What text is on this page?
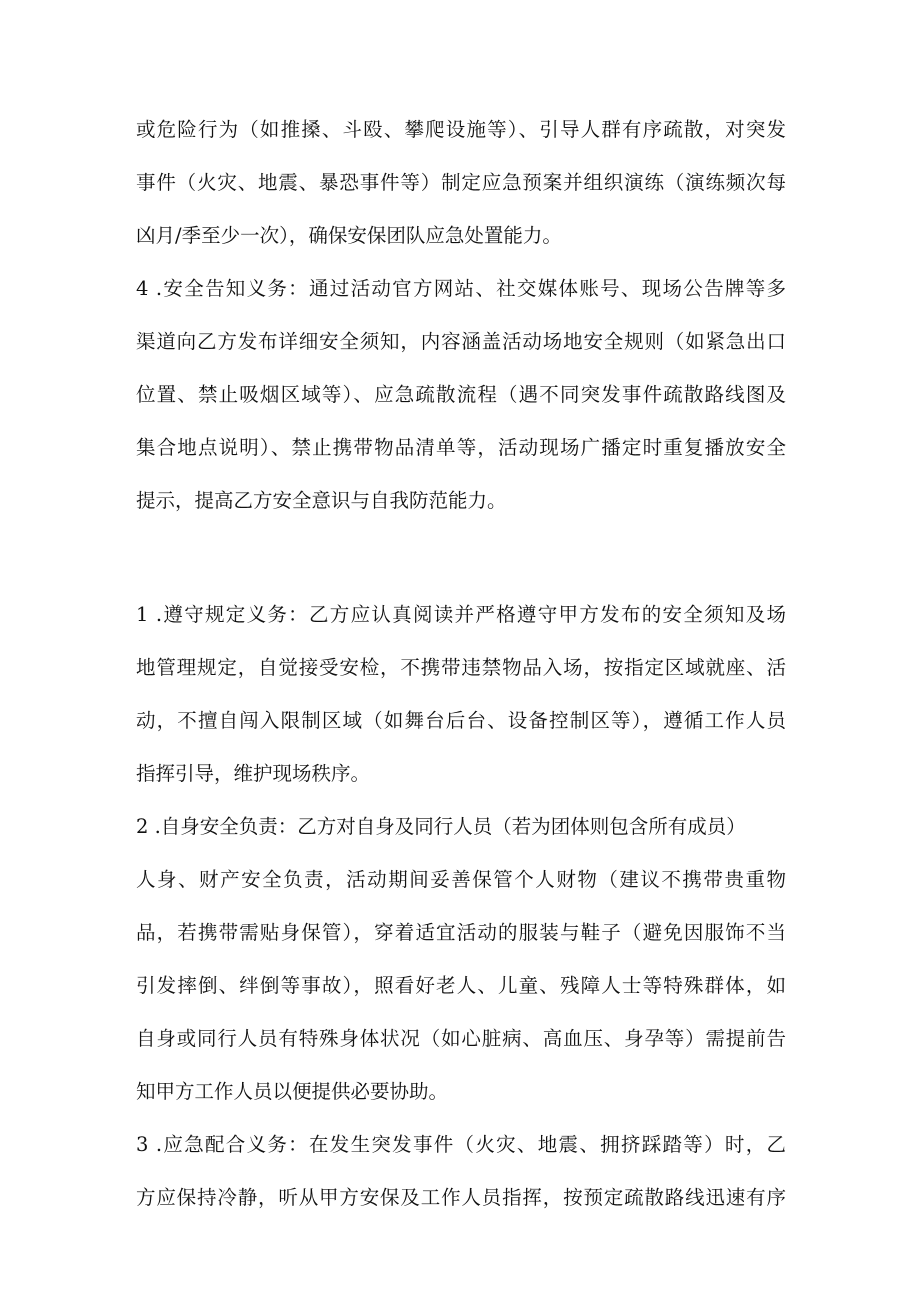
或危险行为（如推搡、斗殴、攀爬设施等）、引导人群有序疏散，对突发
事件（火灾、地震、暴恐事件等）制定应急预案并组织演练（演练频次每
凶月/季至少一次），确保安保团队应急处置能力。
4 .安全告知义务：通过活动官方网站、社交媒体账号、现场公告牌等多
渠道向乙方发布详细安全须知，内容涵盖活动场地安全规则（如紧急出口
位置、禁止吸烟区域等）、应急疏散流程（遇不同突发事件疏散路线图及
集合地点说明）、禁止携带物品清单等，活动现场广播定时重复播放安全
提示，提高乙方安全意识与自我防范能力。
1 .遵守规定义务：乙方应认真阅读并严格遵守甲方发布的安全须知及场
地管理规定，自觉接受安检，不携带违禁物品入场，按指定区域就座、活
动，不擅自闯入限制区域（如舞台后台、设备控制区等），遵循工作人员
指挥引导，维护现场秩序。
2 .自身安全负责：乙方对自身及同行人员（若为团体则包含所有成员）
人身、财产安全负责，活动期间妥善保管个人财物（建议不携带贵重物
品，若携带需贴身保管），穿着适宜活动的服装与鞋子（避免因服饰不当
引发摔倒、绊倒等事故），照看好老人、儿童、残障人士等特殊群体，如
自身或同行人员有特殊身体状况（如心脏病、高血压、身孕等）需提前告
知甲方工作人员以便提供必要协助。
3 .应急配合义务：在发生突发事件（火灾、地震、拥挤踩踏等）时，乙
方应保持冷静，听从甲方安保及工作人员指挥，按预定疏散路线迅速有序
